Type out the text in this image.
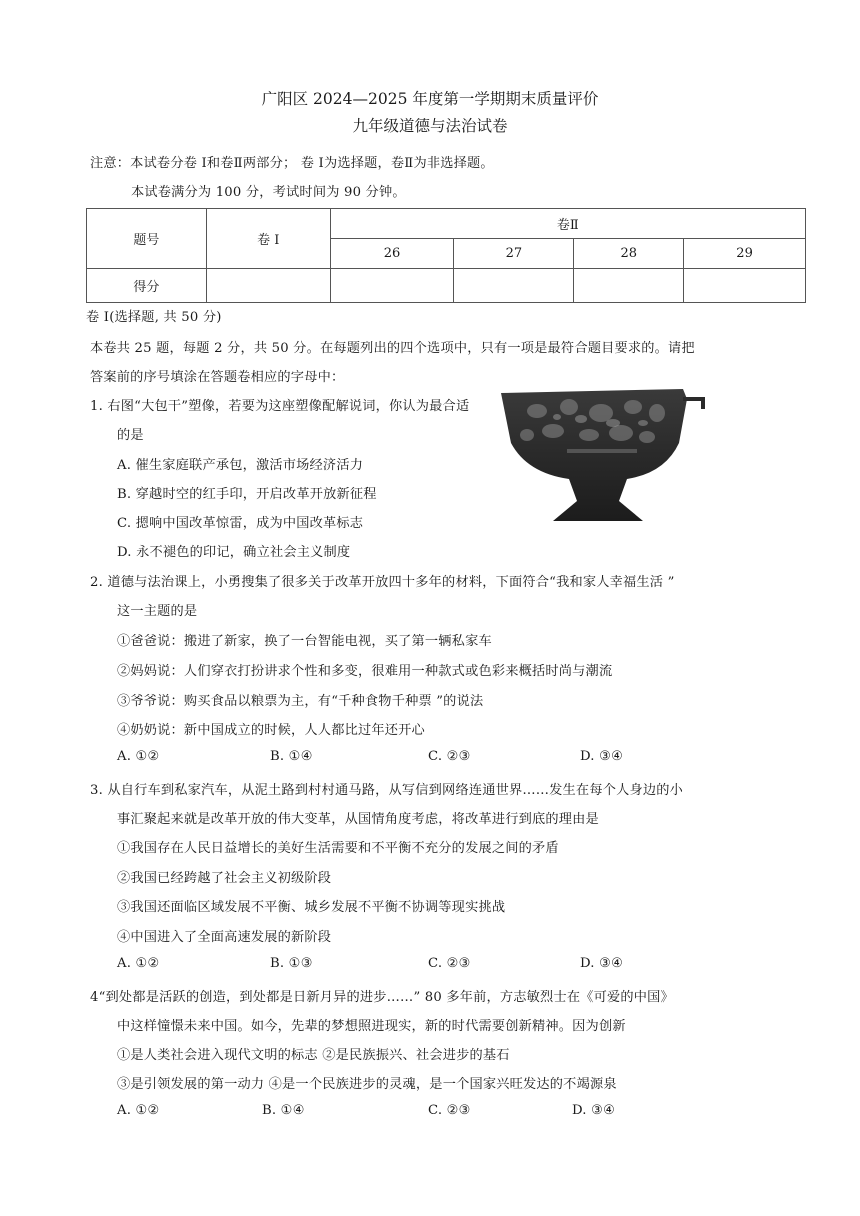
广阳区 2024—2025 年度第一学期期末质量评价
九年级道德与法治试卷
注意：本试卷分卷 Ⅰ和卷Ⅱ两部分； 卷 Ⅰ为选择题，卷Ⅱ为非选择题。
本试卷满分为 100 分，考试时间为 90 分钟。
题号	卷 Ⅰ	卷Ⅱ			
		26	27	28	29
得分					
卷 Ⅰ(选择题, 共 50 分)
本卷共 25 题，每题 2 分，共 50 分。在每题列出的四个选项中，只有一项是最符合题目要求的。请把
答案前的序号填涂在答题卷相应的字母中：
1. 右图“大包干”塑像，若要为这座塑像配解说词，你认为最合适
的是
A. 催生家庭联产承包，激活市场经济活力
B. 穿越时空的红手印，开启改革开放新征程
C. 摁响中国改革惊雷，成为中国改革标志
D. 永不褪色的印记，确立社会主义制度
2. 道德与法治课上，小勇搜集了很多关于改革开放四十多年的材料，下面符合“我和家人幸福生活 ”
这一主题的是
①爸爸说：搬进了新家，换了一台智能电视，买了第一辆私家车
②妈妈说：人们穿衣打扮讲求个性和多变，很难用一种款式或色彩来概括时尚与潮流
③爷爷说：购买食品以粮票为主，有“千种食物千种票 ”的说法
④奶奶说：新中国成立的时候，人人都比过年还开心
A. ①②	B. ①④	C. ②③	D. ③④
3. 从自行车到私家汽车，从泥土路到村村通马路，从写信到网络连通世界……发生在每个人身边的小
事汇聚起来就是改革开放的伟大变革，从国情角度考虑，将改革进行到底的理由是
①我国存在人民日益增长的美好生活需要和不平衡不充分的发展之间的矛盾
②我国已经跨越了社会主义初级阶段
③我国还面临区域发展不平衡、城乡发展不平衡不协调等现实挑战
④中国进入了全面高速发展的新阶段
A. ①②	B. ①③	C. ②③	D. ③④
4“到处都是活跃的创造，到处都是日新月异的进步……” 80 多年前，方志敏烈士在《可爱的中国》
中这样憧憬未来中国。如今，先辈的梦想照进现实，新的时代需要创新精神。因为创新
①是人类社会进入现代文明的标志 ②是民族振兴、社会进步的基石
③是引领发展的第一动力 ④是一个民族进步的灵魂，是一个国家兴旺发达的不竭源泉
A. ①②	B. ①④	C. ②③	D. ③④
